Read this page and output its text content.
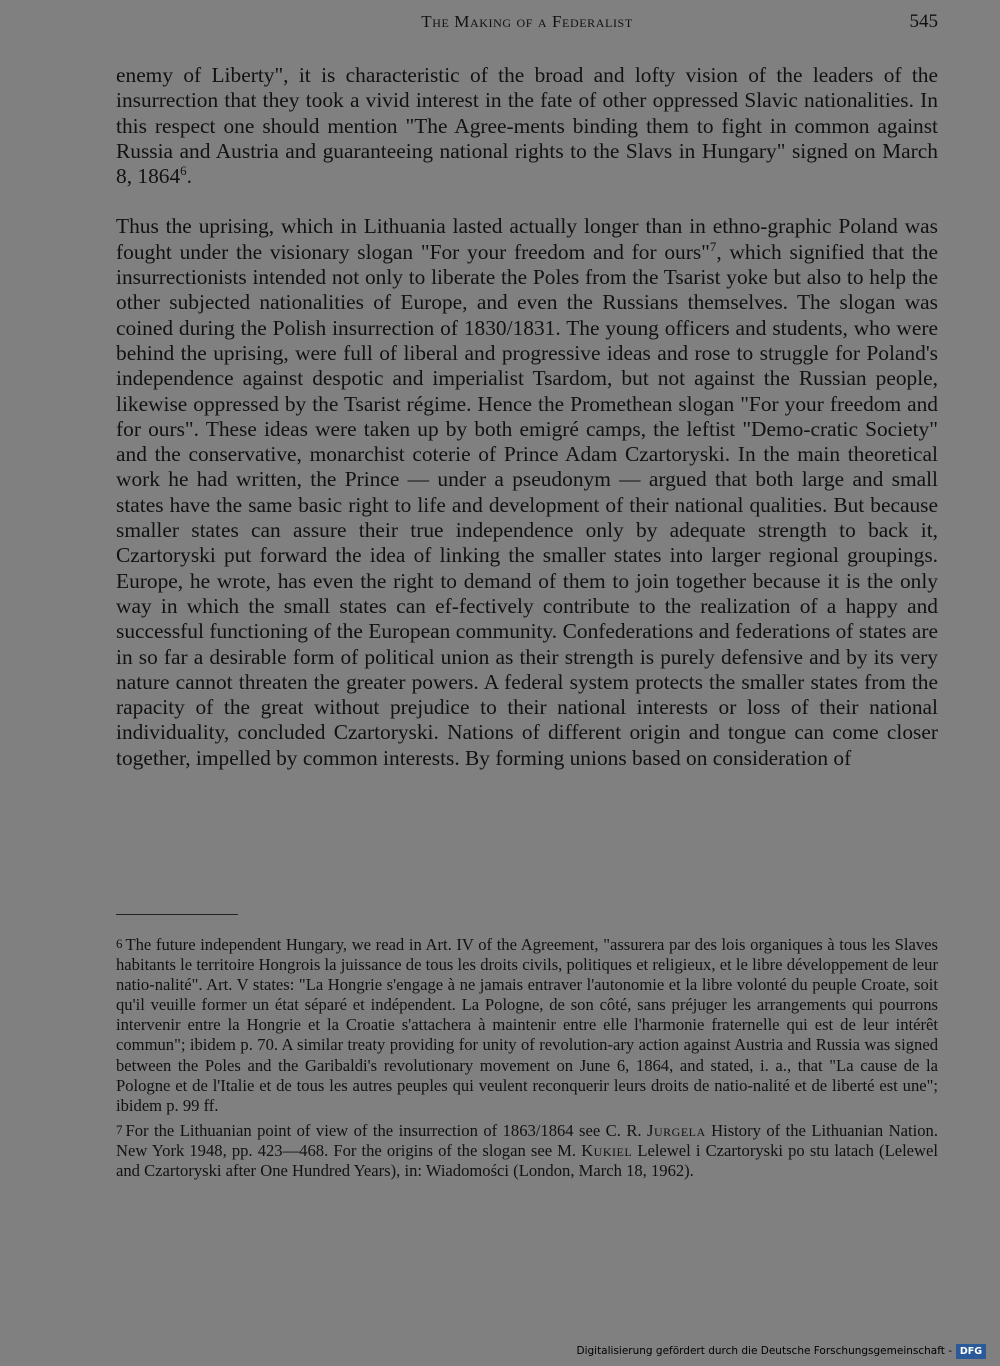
The Making of a Federalist	545

enemy of Liberty", it is characteristic of the broad and lofty vision of the leaders of the insurrection that they took a vivid interest in the fate of other oppressed Slavic nationalities. In this respect one should mention "The Agree-ments binding them to fight in common against Russia and Austria and guaranteeing national rights to the Slavs in Hungary" signed on March 8, 1864$^6$.

Thus the uprising, which in Lithuania lasted actually longer than in ethno-graphic Poland was fought under the visionary slogan "For your freedom and for ours"$^7$, which signified that the insurrectionists intended not only to liberate the Poles from the Tsarist yoke but also to help the other subjected nationalities of Europe, and even the Russians themselves. The slogan was coined during the Polish insurrection of 1830/1831. The young officers and students, who were behind the uprising, were full of liberal and progressive ideas and rose to struggle for Poland's independence against despotic and imperialist Tsardom, but not against the Russian people, likewise oppressed by the Tsarist régime. Hence the Promethean slogan "For your freedom and for ours". These ideas were taken up by both emigré camps, the leftist "Demo-cratic Society" and the conservative, monarchist coterie of Prince Adam Czartoryski. In the main theoretical work he had written, the Prince — under a pseudonym — argued that both large and small states have the same basic right to life and development of their national qualities. But because smaller states can assure their true independence only by adequate strength to back it, Czartoryski put forward the idea of linking the smaller states into larger regional groupings. Europe, he wrote, has even the right to demand of them to join together because it is the only way in which the small states can ef-fectively contribute to the realization of a happy and successful functioning of the European community. Confederations and federations of states are in so far a desirable form of political union as their strength is purely defensive and by its very nature cannot threaten the greater powers. A federal system protects the smaller states from the rapacity of the great without prejudice to their national interests or loss of their national individuality, concluded Czartoryski. Nations of different origin and tongue can come closer together, impelled by common interests. By forming unions based on consideration of

6 The future independent Hungary, we read in Art. IV of the Agreement, "assurera par des lois organiques à tous les Slaves habitants le territoire Hongrois la juissance de tous les droits civils, politiques et religieux, et le libre développement de leur natio-nalité". Art. V states: "La Hongrie s'engage à ne jamais entraver l'autonomie et la libre volonté du peuple Croate, soit qu'il veuille former un état séparé et indépendent. La Pologne, de son côté, sans préjuger les arrangements qui pourrons intervenir entre la Hongrie et la Croatie s'attachera à maintenir entre elle l'harmonie fraternelle qui est de leur intérêt commun"; ibidem p. 70. A similar treaty providing for unity of revolution-ary action against Austria and Russia was signed between the Poles and the Garibaldi's revolutionary movement on June 6, 1864, and stated, i. a., that "La cause de la Pologne et de l'Italie et de tous les autres peuples qui veulent reconquerir leurs droits de natio-nalité et de liberté est une"; ibidem p. 99 ff.

7 For the Lithuanian point of view of the insurrection of 1863/1864 see C. R. Jurgela History of the Lithuanian Nation. New York 1948, pp. 423—468. For the origins of the slogan see M. Kukiel Lelewel i Czartoryski po stu latach (Lelewel and Czartoryski after One Hundred Years), in: Wiadomości (London, March 18, 1962).

Digitalisierung gefördert durch die Deutsche Forschungsgemeinschaft - DFG
